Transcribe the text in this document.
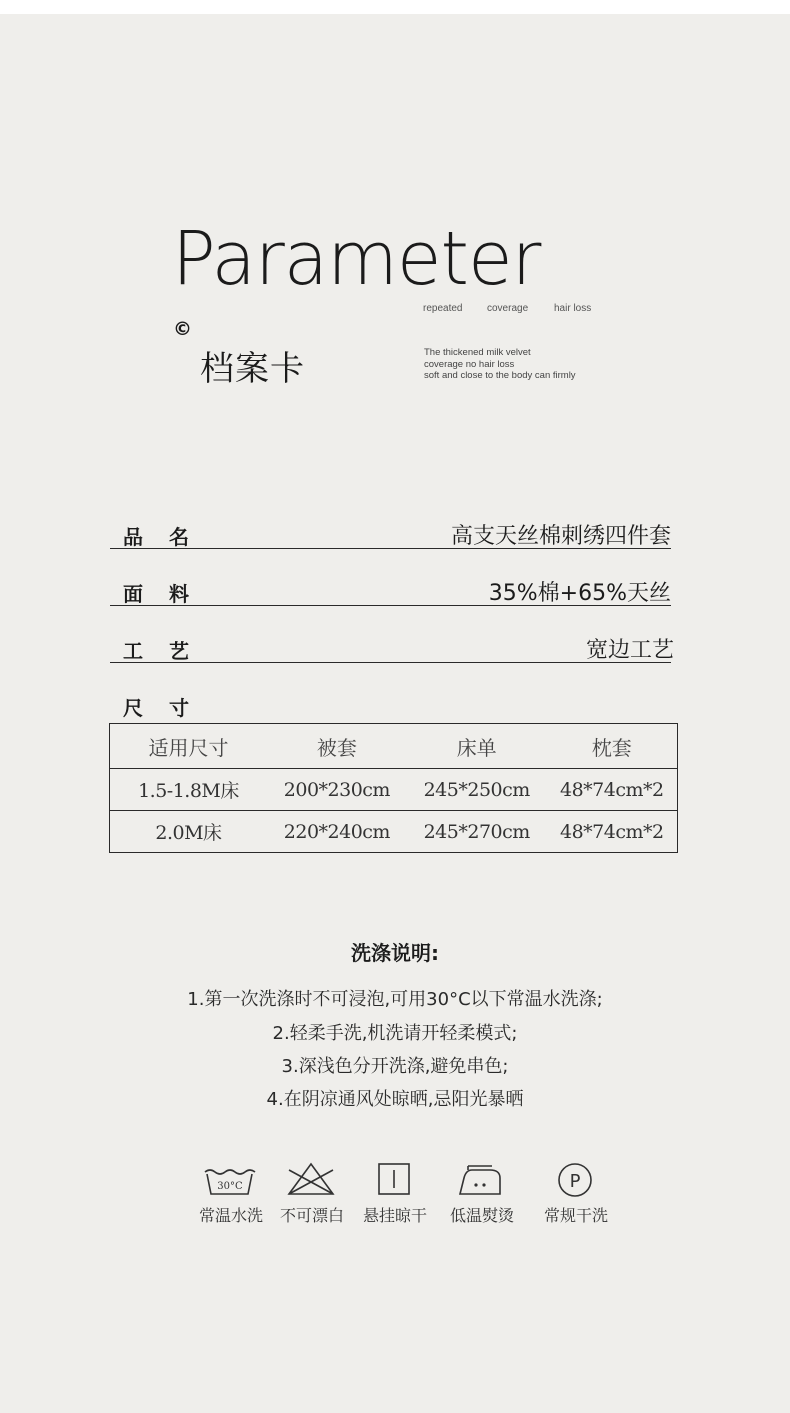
Parameter
repeated coverage	hair loss
©
档案卡	The thickened milk velvet
coverage no hair loss
soft and close to the body can firmly
品名	高支天丝棉刺绣四件套
面料	35%棉+65%天丝
工艺	宽边工艺
尺寸
适用尺寸	被套	床单	枕套
1.5-1.8M床	200*230cm	245*250cm	48*74cm*2
2.0M床	220*240cm	245*270cm	48*74cm*2
洗涤说明:
1.第一次洗涤时不可浸泡,可用30°C以下常温水洗涤;
2.轻柔手洗,机洗请开轻柔模式;
3.深浅色分开洗涤,避免串色;
4.在阴凉通风处晾晒,忌阳光暴晒
30°C	P
常温水洗	不可漂白	悬挂晾干	低温熨烫	常规干洗
